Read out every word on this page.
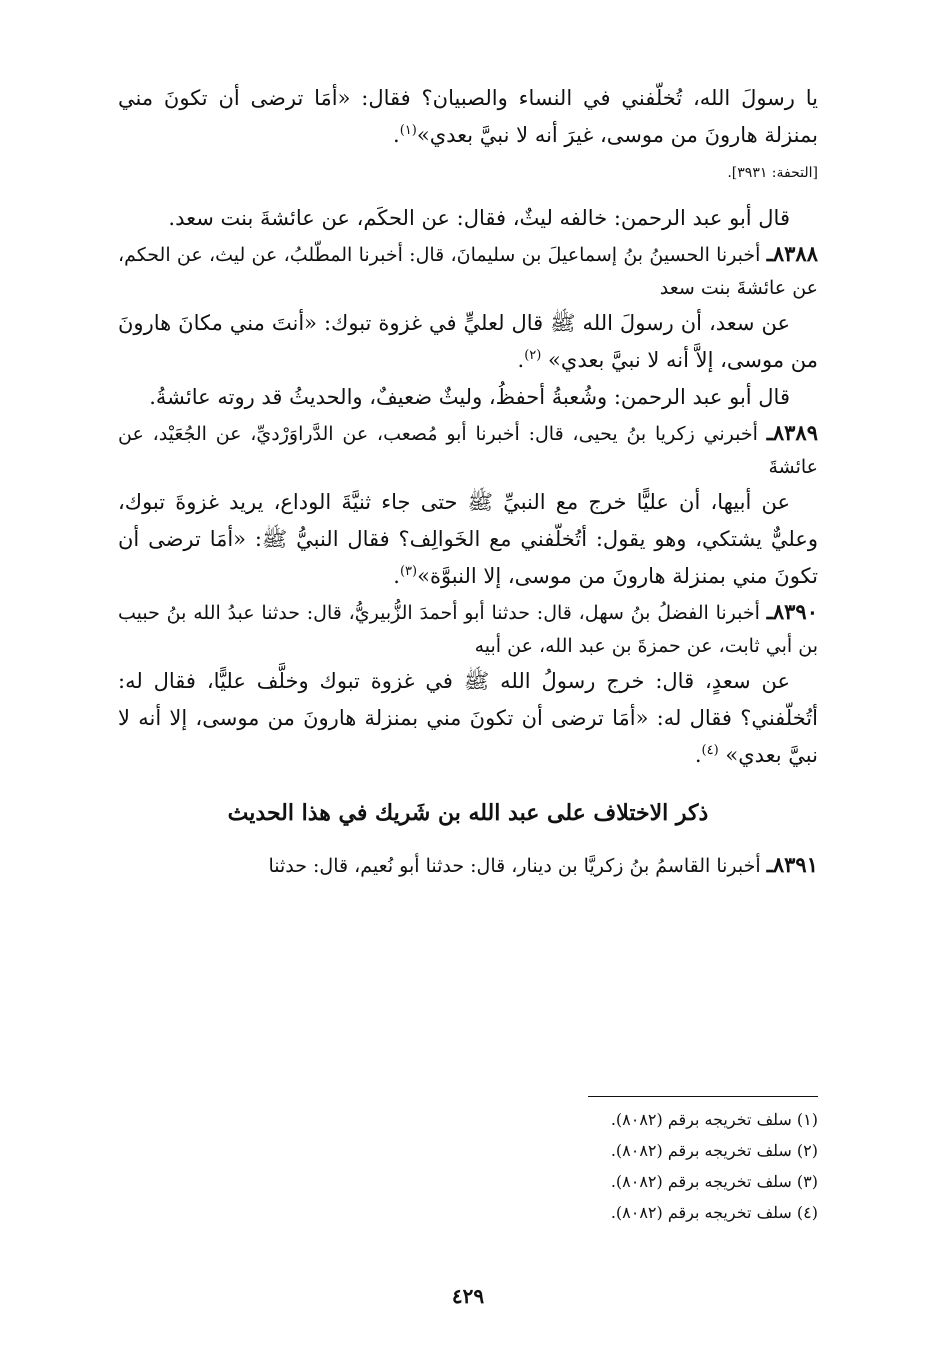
يا رسولَ الله، تُخلّفني في النساء والصبيان؟ فقال: «أمَا ترضى أن تكونَ مني بمنزلة هارونَ من موسى، غيرَ أنه لا نبيَّ بعدي»$^{(١)}$.

[التحفة: ٣٩٣١].

قال أبو عبد الرحمن: خالفه ليثٌ، فقال: عن الحكَم، عن عائشةَ بنت سعد.

٨٣٨٨ـ أخبرنا الحسينُ بنُ إسماعيلَ بن سليمانَ، قال: أخبرنا المطّلبُ، عن ليث، عن الحكم، عن عائشةَ بنت سعد

عن سعد، أن رسولَ الله ﷺ قال لعليٍّ في غزوة تبوك: «أنتَ مني مكانَ هارونَ من موسى، إلاَّ أنه لا نبيَّ بعدي» $^{(٢)}$.

قال أبو عبد الرحمن: وشُعبةُ أحفظُ، وليثٌ ضعيفٌ، والحديثُ قد روته عائشةُ.

٨٣٨٩ـ أخبرني زكريا بنُ يحيى، قال: أخبرنا أبو مُصعب، عن الدَّراوَرْديِّ، عن الجُعَيْد، عن عائشةَ

عن أبيها، أن عليًّا خرج مع النبيِّ ﷺ حتى جاء ثنيَّةَ الوداع، يريد غزوةَ تبوك، وعليٌّ يشتكي، وهو يقول: أتُخلّفني مع الخَوالِف؟ فقال النبيُّ ﷺ: «أمَا ترضى أن تكونَ مني بمنزلة هارونَ من موسى، إلا النبوَّة»$^{(٣)}$.

٨٣٩٠ـ أخبرنا الفضلُ بنُ سهل، قال: حدثنا أبو أحمدَ الزُّبيريُّ، قال: حدثنا عبدُ الله بنُ حبيب بن أبي ثابت، عن حمزةَ بن عبد الله، عن أبيه

عن سعدٍ، قال: خرج رسولُ الله ﷺ في غزوة تبوك وخلَّف عليًّا، فقال له: أتُخلّفني؟ فقال له: «أمَا ترضى أن تكونَ مني بمنزلة هارونَ من موسى، إلا أنه لا نبيَّ بعدي» $^{(٤)}$.

ذكر الاختلاف على عبد الله بن شَريك في هذا الحديث

٨٣٩١ـ أخبرنا القاسمُ بنُ زكريَّا بن دينار، قال: حدثنا أبو نُعيم، قال: حدثنا

(١) سلف تخريجه برقم (٨٠٨٢).
(٢) سلف تخريجه برقم (٨٠٨٢).
(٣) سلف تخريجه برقم (٨٠٨٢).
(٤) سلف تخريجه برقم (٨٠٨٢).
٤٢٩
